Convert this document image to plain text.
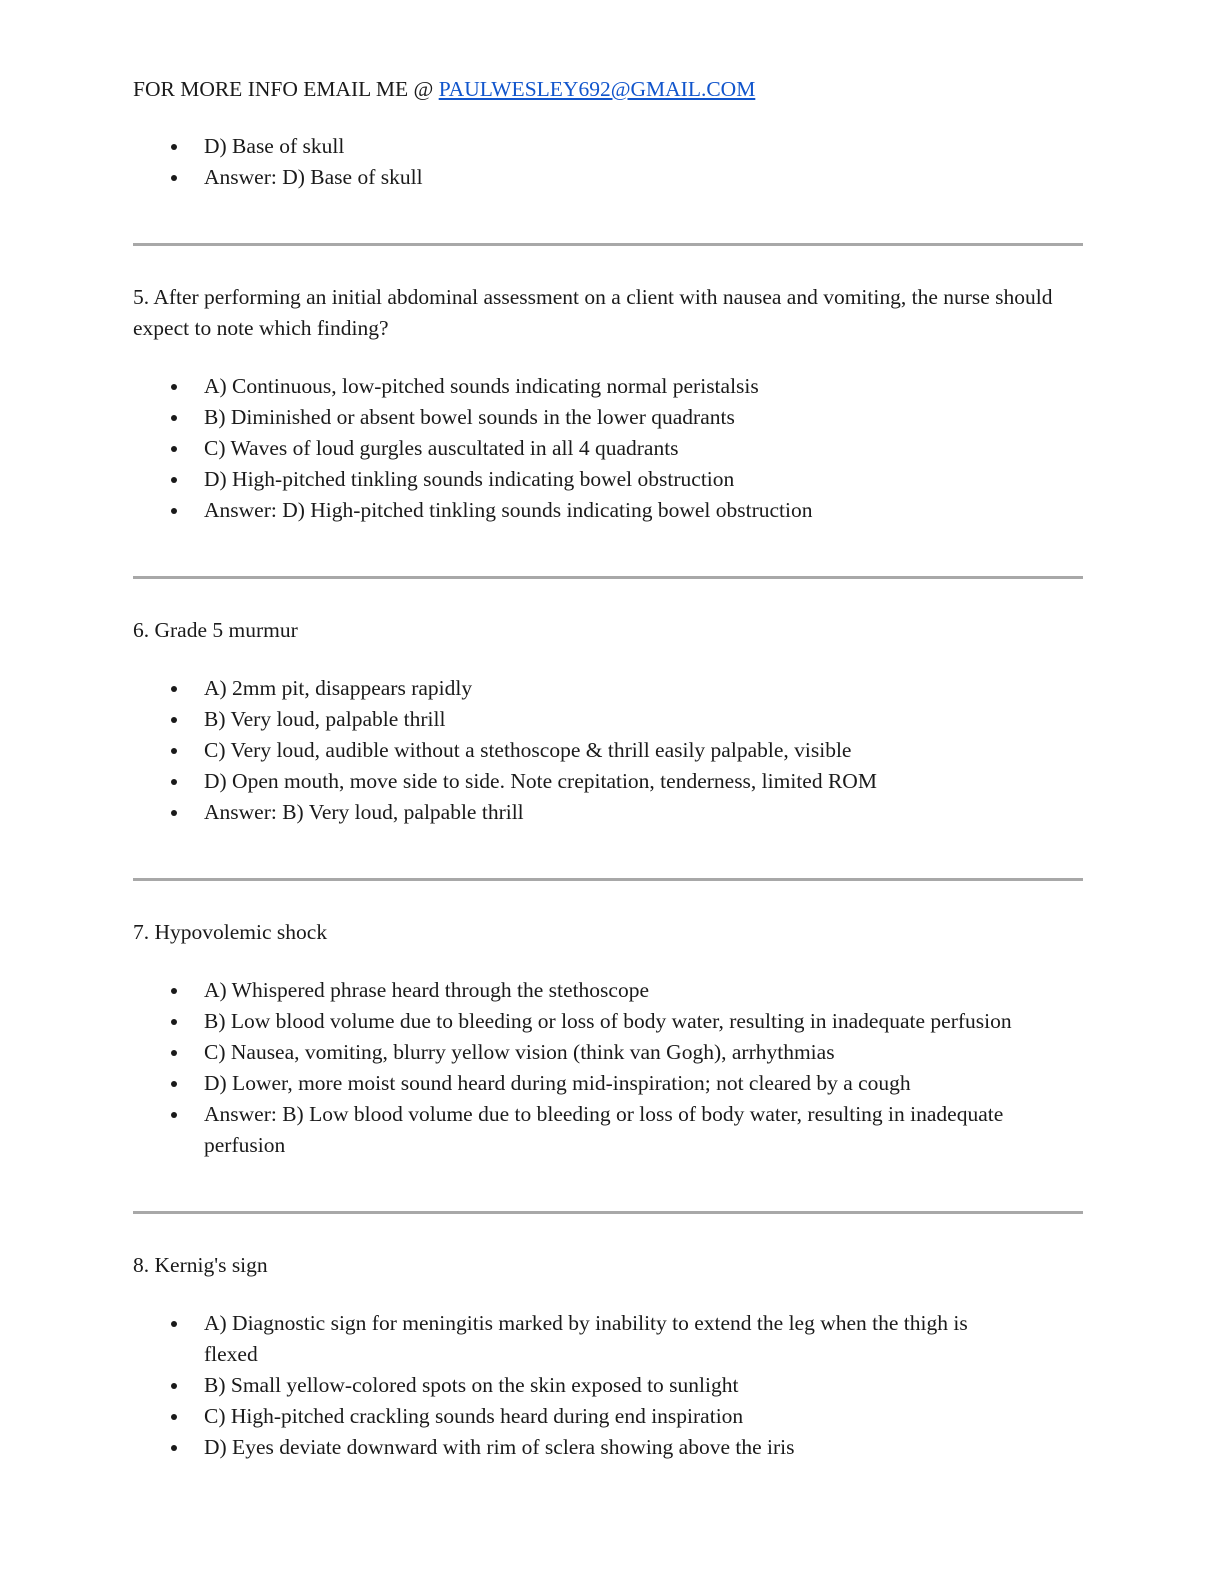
FOR MORE INFO EMAIL ME @ PAULWESLEY692@GMAIL.COM

D) Base of skull
Answer: D) Base of skull

5. After performing an initial abdominal assessment on a client with nausea and vomiting, the nurse should expect to note which finding?

A) Continuous, low-pitched sounds indicating normal peristalsis
B) Diminished or absent bowel sounds in the lower quadrants
C) Waves of loud gurgles auscultated in all 4 quadrants
D) High-pitched tinkling sounds indicating bowel obstruction
Answer: D) High-pitched tinkling sounds indicating bowel obstruction

6. Grade 5 murmur

A) 2mm pit, disappears rapidly
B) Very loud, palpable thrill
C) Very loud, audible without a stethoscope & thrill easily palpable, visible
D) Open mouth, move side to side. Note crepitation, tenderness, limited ROM
Answer: B) Very loud, palpable thrill

7. Hypovolemic shock

A) Whispered phrase heard through the stethoscope
B) Low blood volume due to bleeding or loss of body water, resulting in inadequate perfusion
C) Nausea, vomiting, blurry yellow vision (think van Gogh), arrhythmias
D) Lower, more moist sound heard during mid-inspiration; not cleared by a cough
Answer: B) Low blood volume due to bleeding or loss of body water, resulting in inadequate perfusion

8. Kernig's sign

A) Diagnostic sign for meningitis marked by inability to extend the leg when the thigh is flexed
B) Small yellow-colored spots on the skin exposed to sunlight
C) High-pitched crackling sounds heard during end inspiration
D) Eyes deviate downward with rim of sclera showing above the iris
